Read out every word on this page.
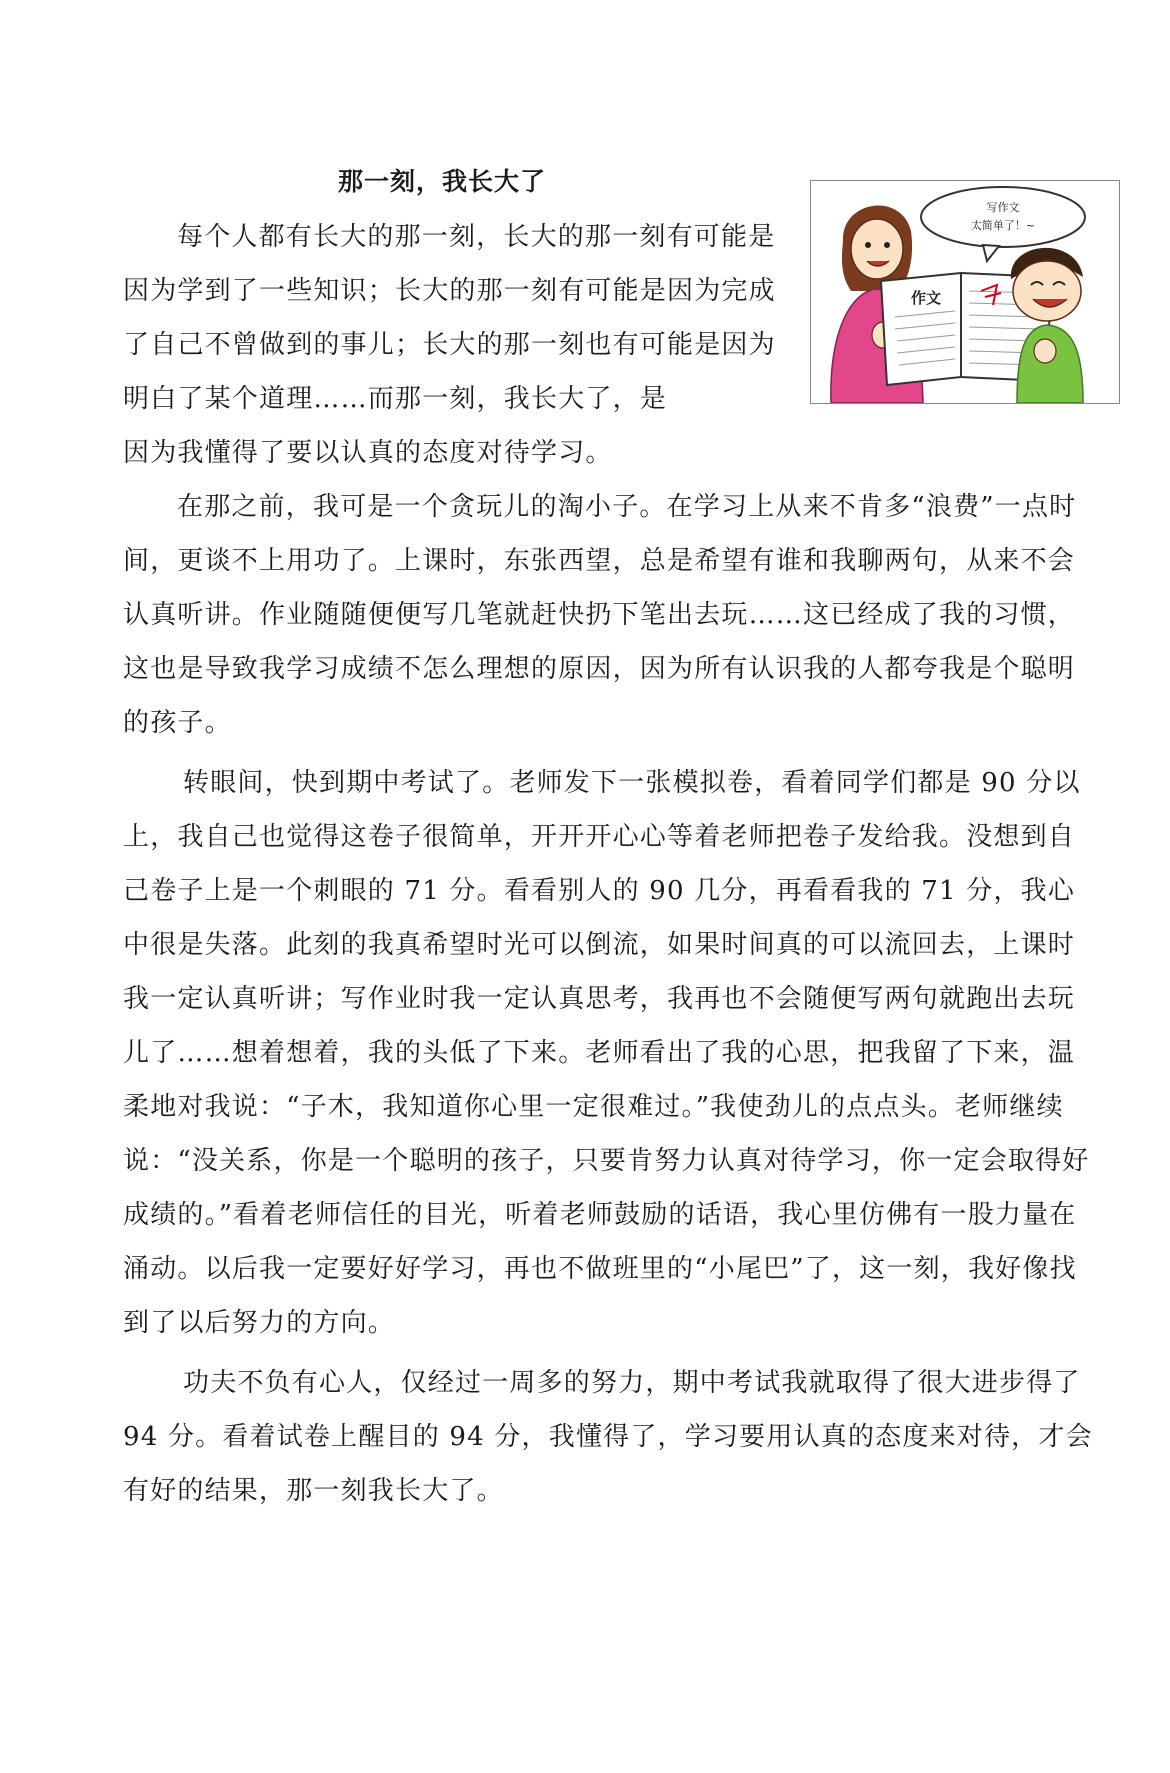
那一刻，我长大了
写作文
太简单了！~
作文

每个人都有长大的那一刻，长大的那一刻有可能是因为学到了一些知识；长大的那一刻有可能是因为完成了自己不曾做到的事儿；长大的那一刻也有可能是因为明白了某个道理……而那一刻，我长大了，是

因为我懂得了要以认真的态度对待学习。

在那之前，我可是一个贪玩儿的淘小子。在学习上从来不肯多“浪费”一点时间，更谈不上用功了。上课时，东张西望，总是希望有谁和我聊两句，从来不会认真听讲。作业随随便便写几笔就赶快扔下笔出去玩……这已经成了我的习惯，这也是导致我学习成绩不怎么理想的原因，因为所有认识我的人都夸我是个聪明的孩子。

转眼间，快到期中考试了。老师发下一张模拟卷，看着同学们都是 90 分以上，我自己也觉得这卷子很简单，开开开心心等着老师把卷子发给我。没想到自己卷子上是一个刺眼的 71 分。看看别人的 90 几分，再看看我的 71 分，我心中很是失落。此刻的我真希望时光可以倒流，如果时间真的可以流回去，上课时我一定认真听讲；写作业时我一定认真思考，我再也不会随便写两句就跑出去玩儿了……想着想着，我的头低了下来。老师看出了我的心思，把我留了下来，温柔地对我说：“子木，我知道你心里一定很难过。”我使劲儿的点点头。老师继续说：“没关系，你是一个聪明的孩子，只要肯努力认真对待学习，你一定会取得好成绩的。”看着老师信任的目光，听着老师鼓励的话语，我心里仿佛有一股力量在涌动。以后我一定要好好学习，再也不做班里的“小尾巴”了，这一刻，我好像找到了以后努力的方向。

功夫不负有心人，仅经过一周多的努力，期中考试我就取得了很大进步得了 94 分。看着试卷上醒目的 94 分，我懂得了，学习要用认真的态度来对待，才会有好的结果，那一刻我长大了。
